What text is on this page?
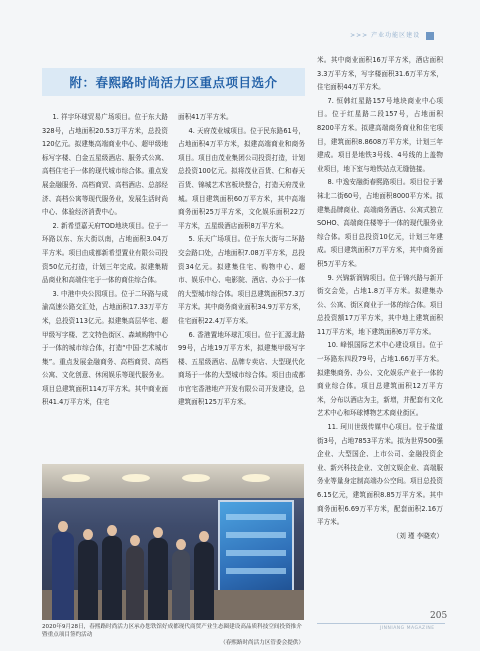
>>> 产业功能区建设
附：春熙路时尚活力区重点项目选介

1. 祥宇环球贸易广场项目。位于东大路328号，占地面积20.53万平方米，总投资120亿元。拟建集高端商业中心、超甲级地标写字楼、白金五星级酒店、服务式公寓、高档住宅于一体的现代城市综合体。重点发展金融服务、高档商贸、高档酒店、总部经济、高档公寓等现代服务业，发展生活时尚中心、体验经济消费中心。

2. 新希望嘉天府TOD地块项目。位于一环路以东、东大街以南，占地面积3.04万平方米。项目由成都新希望置业有限公司投资50亿元打造，计划三年完成。拟建集精品商业和高端住宅于一体的商住综合体。

3. 中港中央公园项目。位于二环路与成渝高速公路交汇处，占地面积17.33万平方米，总投资113亿元。拟建集高层华宅、超甲级写字楼、艺文特色街区、森域购物中心于一体的城市综合体，打造“中国·艺术城市集”。重点发展金融商务、高档商贸、高档公寓、文化创意、休闲娱乐等现代服务业。项目总建筑面积114万平方米。其中商业面积41.4万平方米，住宅

面积41万平方米。

4. 天府茂业城项目。位于民东路61号，占地面积4万平方米，拟建高端商业和商务项目。项目由茂业集团公司投资打造，计划总投资100亿元。拟将茂业百货、仁和春天百货、锦城艺术宫板块整合，打造天府茂业城。项目建筑面积60万平方米，其中高端商务面积25万平方米，文化娱乐面积22万平方米，五星级酒店面积8万平方米。

5. 乐天广场项目。位于东大街与二环路交会路口处，占地面积7.08万平方米，总投资34亿元。拟建集住宅、购物中心、超市、娱乐中心、电影院、酒店、办公于一体的大型城市综合体。项目总建筑面积57.3万平方米。其中商务商业面积34.9万平方米，住宅面积22.4万平方米。

6. 香港置地环球汇项目。位于汇源北路99号，占地19万平方米，拟建集甲级写字楼、五星级酒店、品牌专卖店、大型现代化商场于一体的大型城市综合体。项目由成都市官宅香港地产开发有限公司开发建设，总建筑面积125万平方米。

米。其中商业面积16万平方米，酒店面积3.3万平方米，写字楼面积31.6万平方米，住宅面积44万平方米。

7. 恒韩红星路157号地块商业中心项目。位于红星路二段157号，占地面积8200平方米。拟建高端商务商业和住宅项目，建筑面积8.8608万平方米，计划三年建成。项目是地铁3号线、4号线的上盖物业项目，地下室与地铁站点无缝链接。

8. 中逸安融街春熙路项目。项目位于暑袜北二街60号，占地面积8000平方米。拟建集品牌商业、高端商务酒店、公寓式独立SOHO、高端商住楼等于一体的现代服务业综合体。项目总投资10亿元，计划三年建成。项目建筑面积7万平方米，其中商务面积5万平方米。

9. 兴锦新润锦项目。位于锦兴路与新开街交会处，占地1.8万平方米。拟建集办公、公寓、街区商业于一体的综合体。项目总投资额17万平方米，其中地上建筑面积11万平方米，地下建筑面积6万平方米。

10. 峰银国际艺术中心建设项目。位于一环路东四段79号，占地1.66万平方米。拟建集商务、办公、文化娱乐产业于一体的商业综合体。项目总建筑面积12万平方米，分布以酒店为主，新增，并配套有文化艺术中心和环球博物艺术商业街区。

11. 珂川世级传媒中心项目。位于盐道街3号，占地7853平方米。拟为世界500强企业、大型国企、上市公司、金融投资企业、新兴科技企业、文创文娱企业、高端服务业等量身定制高端办公空间。项目总投资6.15亿元，建筑面积8.85万平方米。其中商务面积6.69万平方米，配套面积2.16万平方米。

（刘 瑾 李晓欢）

2020年9月28日，春熙路时尚活力区承办您铁馆好成都现代商贸产业生态圈建设高品质科技空间投资推介暨重点项目签约活动
（春熙路时尚活力区管委会提供）
205
JINNIANG MAGAZINE
